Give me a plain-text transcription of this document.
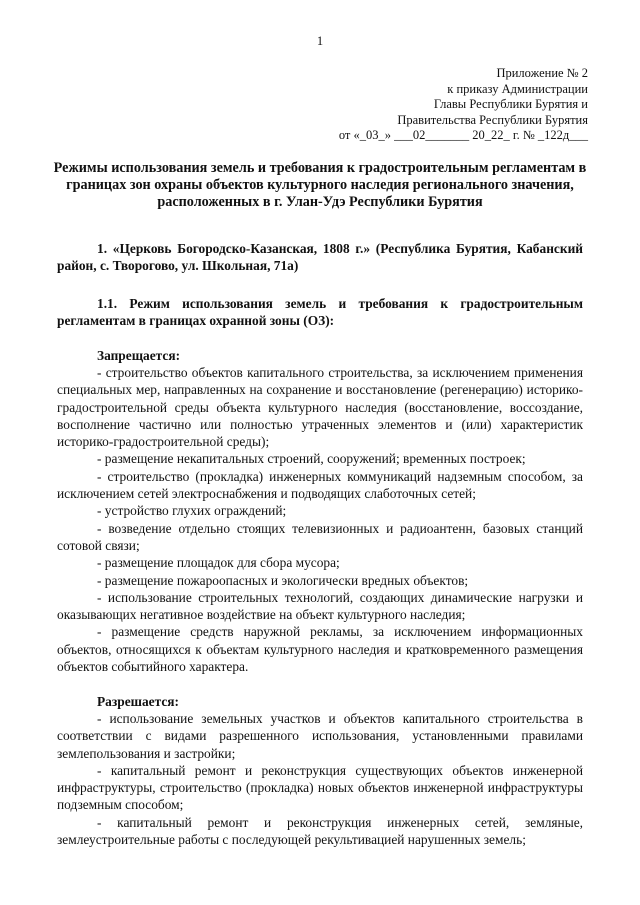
1
Приложение № 2
к приказу Администрации
Главы Республики Бурятия и
Правительства Республики Бурятия
от «_03_» ___02_______ 20_22_ г. № _122д___
Режимы использования земель и требования к градостроительным регламентам в границах зон охраны объектов культурного наследия регионального значения, расположенных в г. Улан-Удэ Республики Бурятия
1. «Церковь Богородско-Казанская, 1808 г.» (Республика Бурятия, Кабанский район, с. Творогово, ул. Школьная, 71а)
1.1. Режим использования земель и требования к градостроительным регламентам в границах охранной зоны (ОЗ):
Запрещается:

- строительство объектов капитального строительства, за исключением применения специальных мер, направленных на сохранение и восстановление (регенерацию) историко-градостроительной среды объекта культурного наследия (восстановление, воссоздание, восполнение частично или полностью утраченных элементов и (или) характеристик историко-градостроительной среды);

- размещение некапитальных строений, сооружений; временных построек;

- строительство (прокладка) инженерных коммуникаций надземным способом, за исключением сетей электроснабжения и подводящих слаботочных сетей;

- устройство глухих ограждений;

- возведение отдельно стоящих телевизионных и радиоантенн, базовых станций сотовой связи;

- размещение площадок для сбора мусора;

- размещение пожароопасных и экологически вредных объектов;

- использование строительных технологий, создающих динамические нагрузки и оказывающих негативное воздействие на объект культурного наследия;

- размещение средств наружной рекламы, за исключением информационных объектов, относящихся к объектам культурного наследия и кратковременного размещения объектов событийного характера.

Разрешается:

- использование земельных участков и объектов капитального строительства в соответствии с видами разрешенного использования, установленными правилами землепользования и застройки;

- капитальный ремонт и реконструкция существующих объектов инженерной инфраструктуры, строительство (прокладка) новых объектов инженерной инфраструктуры подземным способом;

- капитальный ремонт и реконструкция инженерных сетей, земляные, землеустроительные работы с последующей рекультивацией нарушенных земель;
